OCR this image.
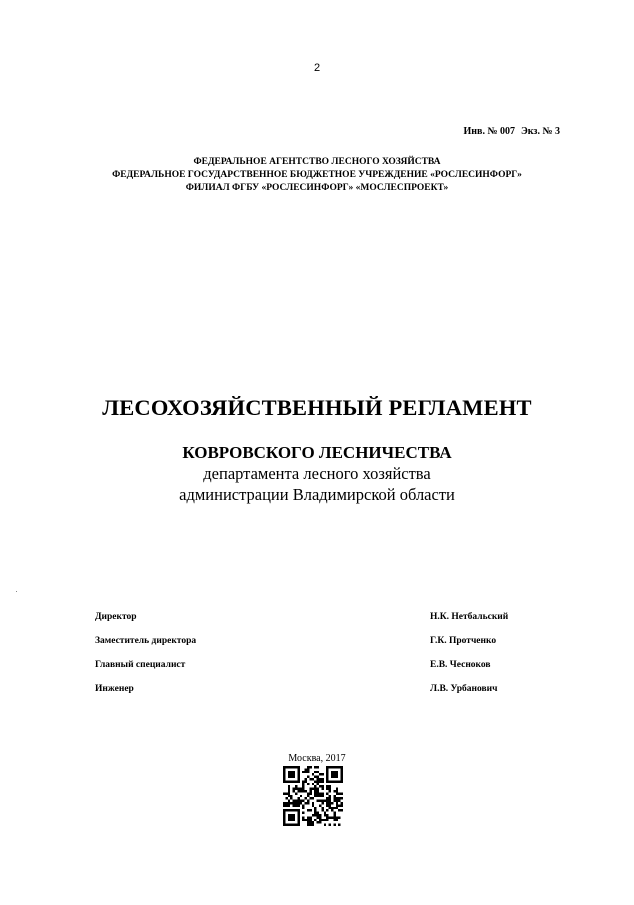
2
Инв. № 007 Экз. № 3
ФЕДЕРАЛЬНОЕ АГЕНТСТВО ЛЕСНОГО ХОЗЯЙСТВА
ФЕДЕРАЛЬНОЕ ГОСУДАРСТВЕННОЕ БЮДЖЕТНОЕ УЧРЕЖДЕНИЕ «РОСЛЕСИНФОРГ»
ФИЛИАЛ ФГБУ «РОСЛЕСИНФОРГ» «МОСЛЕСПРОЕКТ»
ЛЕСОХОЗЯЙСТВЕННЫЙ РЕГЛАМЕНТ
КОВРОВСКОГО ЛЕСНИЧЕСТВА
департамента лесного хозяйства
администрации Владимирской области
Директор	Н.К. Нетбальский
Заместитель директора	Г.К. Протченко
Главный специалист	Е.В. Чесноков
Инженер	Л.В. Урбанович
Москва, 2017
